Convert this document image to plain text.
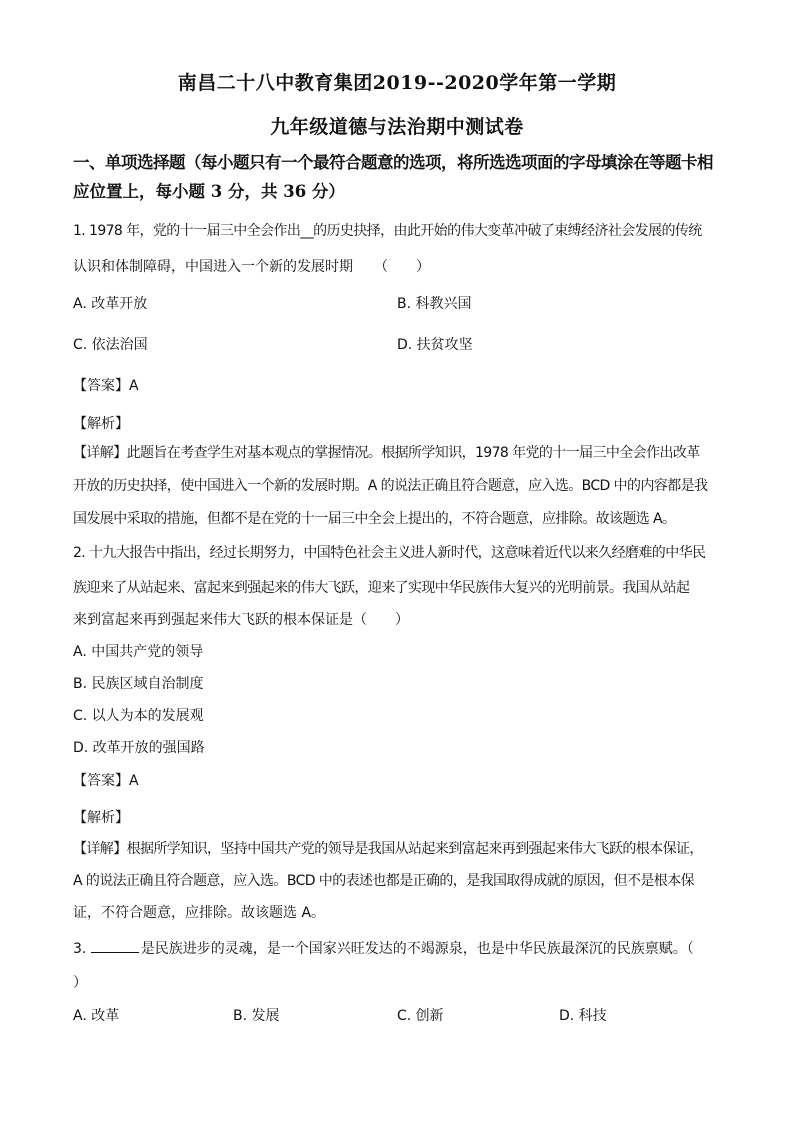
南昌二十八中教育集团2019--2020学年第一学期
九年级道德与法治期中测试卷
一、单项选择题（每小题只有一个最符合题意的选项，将所选选项面的字母填涂在等题卡相
应位置上，每小题 3 分，共 36 分）
1. 1978 年，党的十一届三中全会作出__的历史抉择，由此开始的伟大变革冲破了束缚经济社会发展的传统
认识和体制障碍，中国进入一个新的发展时期　　（　　）
A. 改革开放	B. 科教兴国
C. 依法治国	D. 扶贫攻坚
【答案】A
【解析】
【详解】此题旨在考查学生对基本观点的掌握情况。根据所学知识，1978 年党的十一届三中全会作出改革
开放的历史抉择，使中国进入一个新的发展时期。A 的说法正确且符合题意，应入选。BCD 中的内容都是我
国发展中采取的措施，但都不是在党的十一届三中全会上提出的，不符合题意，应排除。故该题选 A。
2. 十九大报告中指出，经过长期努力，中国特色社会主义进人新时代，这意味着近代以来久经磨难的中华民
族迎来了从站起来、富起来到强起来的伟大飞跃，迎来了实现中华民族伟大复兴的光明前景。我国从站起
来到富起来再到强起来伟大飞跃的根本保证是（　　）
A. 中国共产党的领导
B. 民族区域自治制度
C. 以人为本的发展观
D. 改革开放的强国路
【答案】A
【解析】
【详解】根据所学知识，坚持中国共产党的领导是我国从站起来到富起来再到强起来伟大飞跃的根本保证，
A 的说法正确且符合题意，应入选。BCD 中的表述也都是正确的，是我国取得成就的原因，但不是根本保
证，不符合题意，应排除。故该题选 A。
3.	是民族进步的灵魂，是一个国家兴旺发达的不竭源泉，也是中华民族最深沉的民族禀赋。（
）
A. 改革	B. 发展	C. 创新	D. 科技
